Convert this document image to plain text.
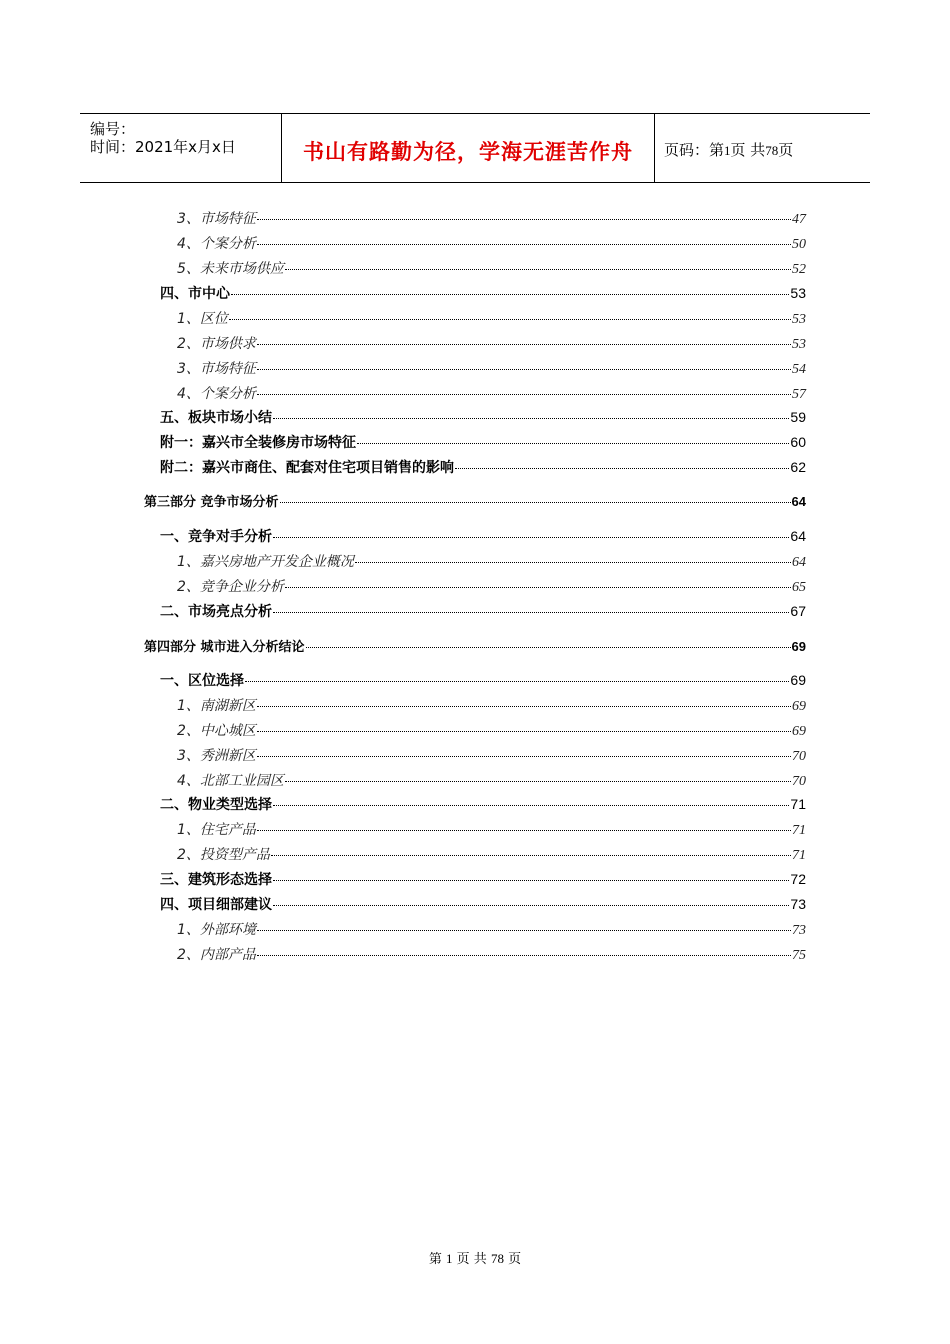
编号：
时间：2021年x月x日	书山有路勤为径，学海无涯苦作舟	页码：第1页 共78页
3、市场特征	47
4、个案分析	50
5、未来市场供应	52
四、市中心	53
1、区位	53
2、市场供求	53
3、市场特征	54
4、个案分析	57
五、板块市场小结	59
附一：嘉兴市全装修房市场特征	60
附二：嘉兴市商住、配套对住宅项目销售的影响	62
第三部分 竞争市场分析	64
一、竞争对手分析	64
1、嘉兴房地产开发企业概况	64
2、竞争企业分析	65
二、市场亮点分析	67
第四部分 城市进入分析结论	69
一、区位选择	69
1、南湖新区	69
2、中心城区	69
3、秀洲新区	70
4、北部工业园区	70
二、物业类型选择	71
1、住宅产品	71
2、投资型产品	71
三、建筑形态选择	72
四、项目细部建议	73
1、外部环境	73
2、内部产品	75
第 1 页 共 78 页
